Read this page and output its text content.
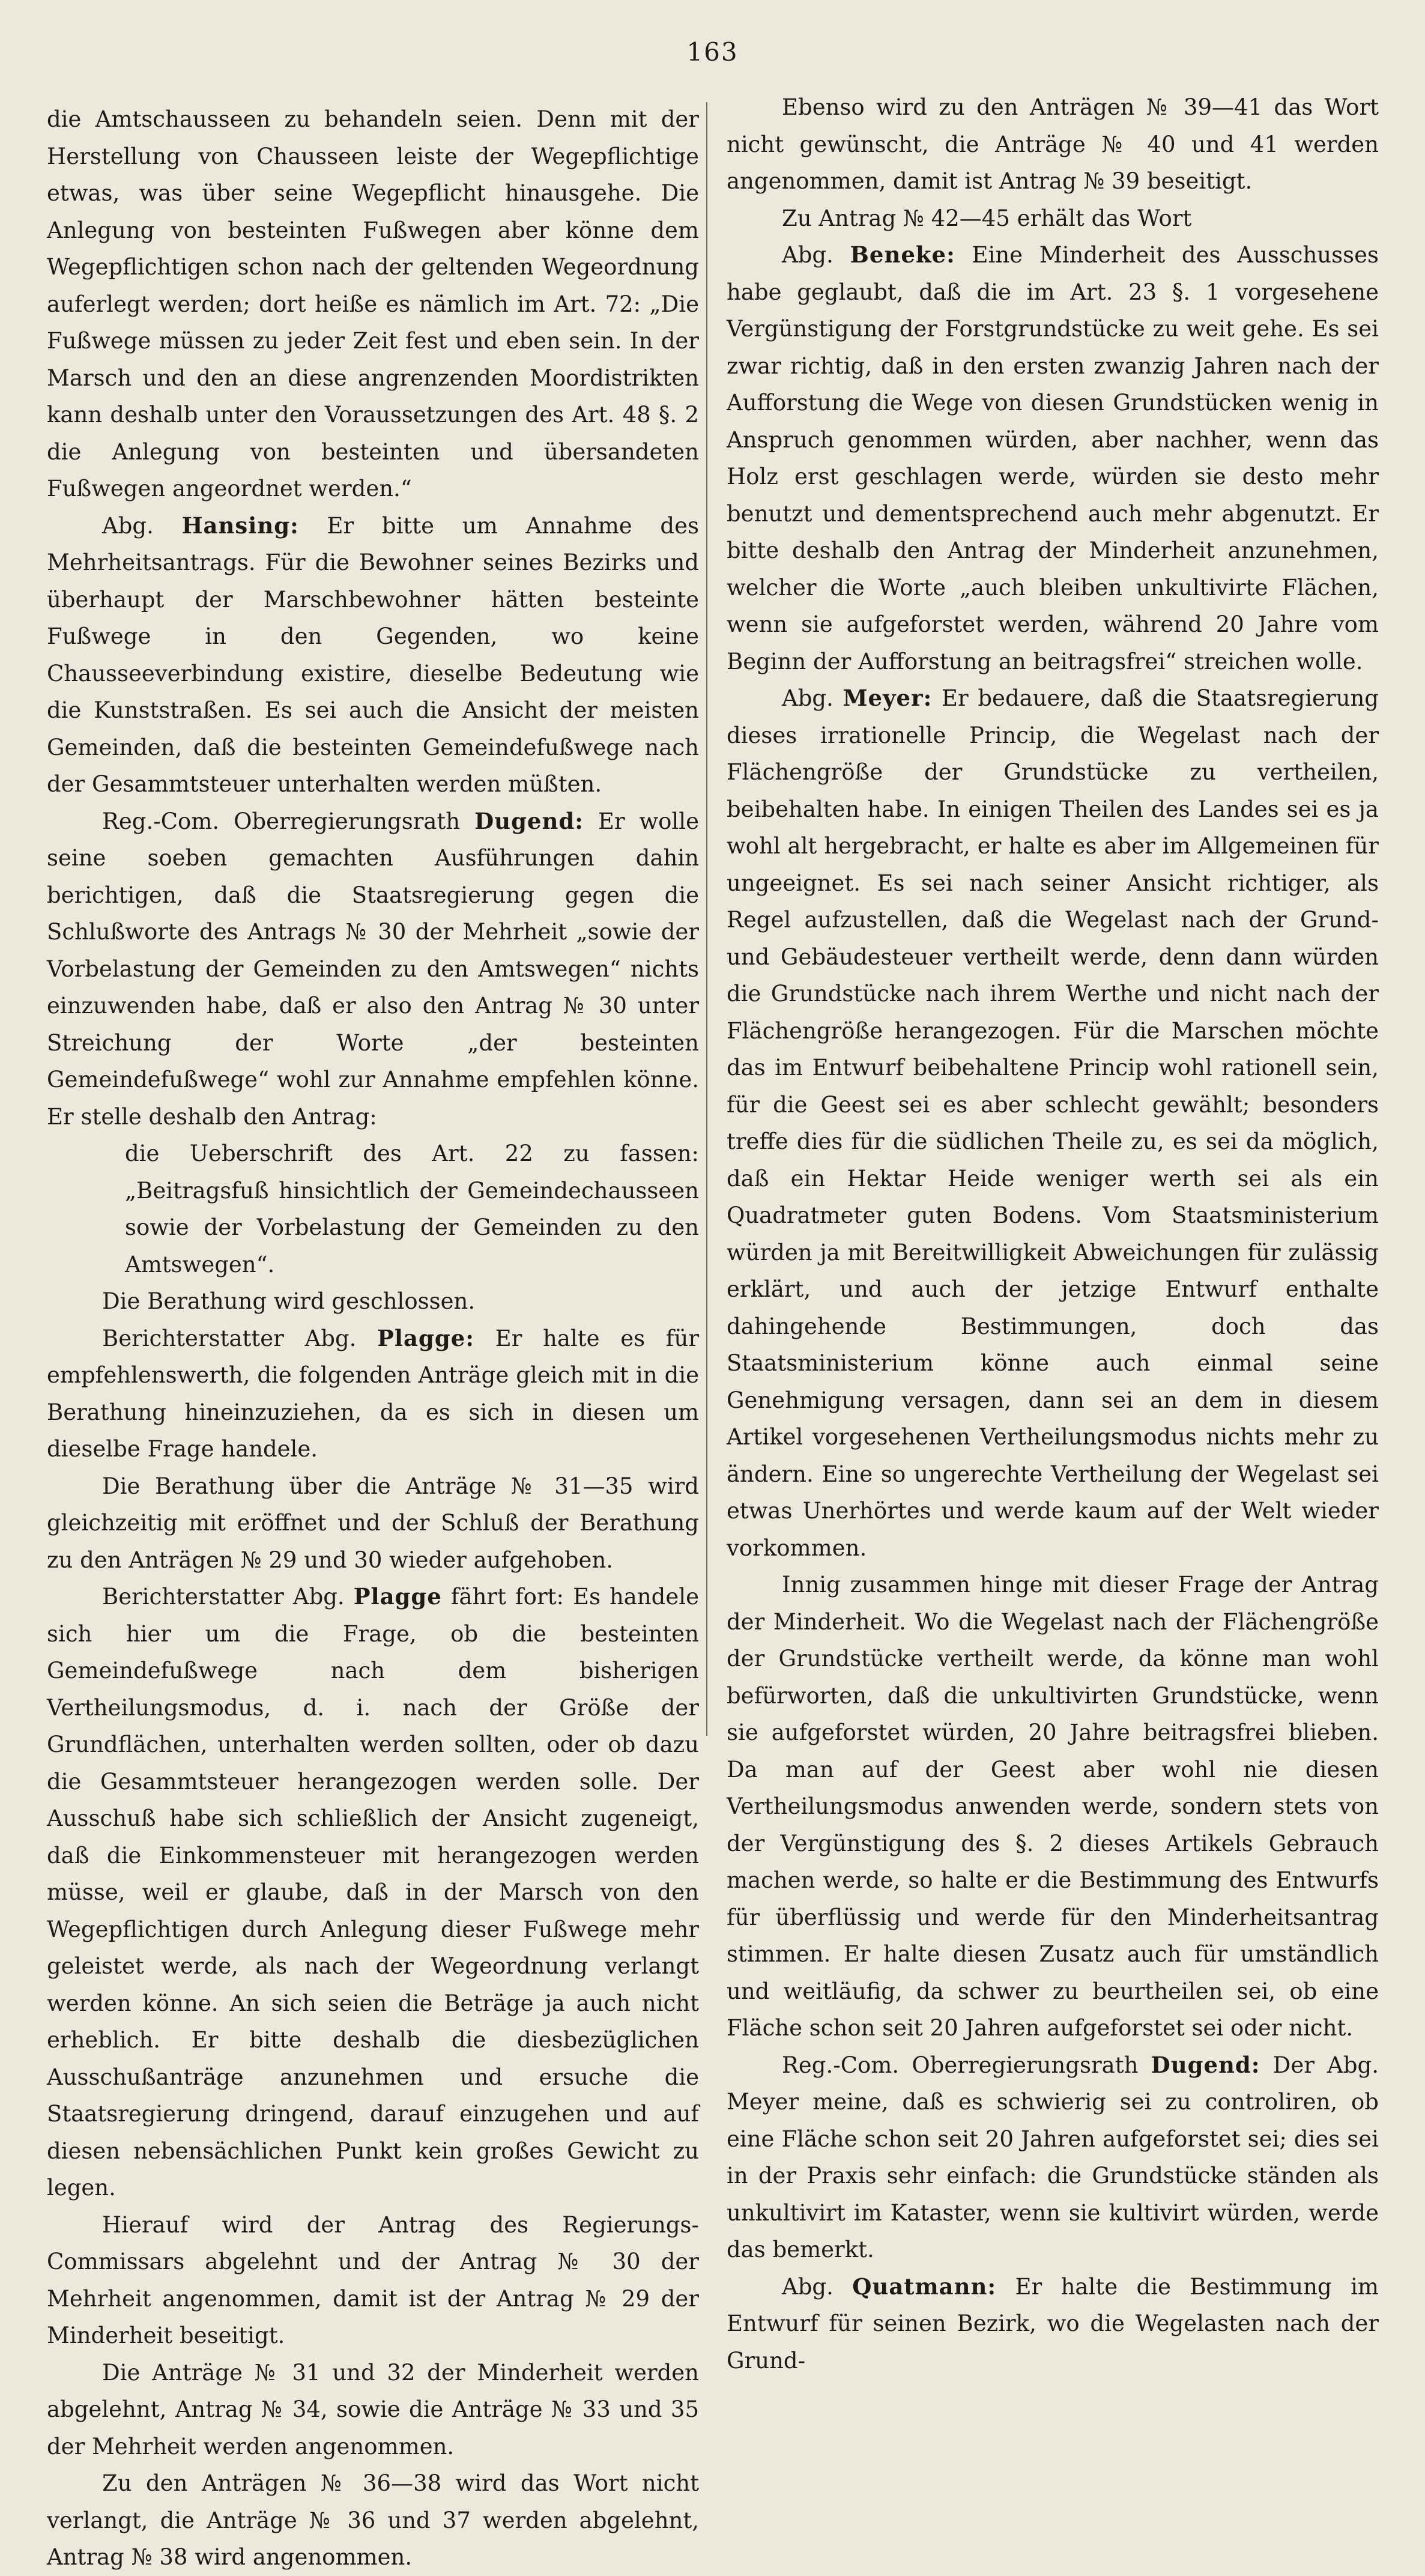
163

die Amtschausseen zu behandeln seien. Denn mit der Herstellung von Chausseen leiste der Wegepflichtige etwas, was über seine Wegepflicht hinausgehe. Die Anlegung von besteinten Fußwegen aber könne dem Wegepflichtigen schon nach der geltenden Wegeordnung auferlegt werden; dort heiße es nämlich im Art. 72: „Die Fußwege müssen zu jeder Zeit fest und eben sein. In der Marsch und den an diese angrenzenden Moordistrikten kann deshalb unter den Voraussetzungen des Art. 48 §. 2 die Anlegung von besteinten und übersandeten Fußwegen angeordnet werden.“

Abg. Hansing: Er bitte um Annahme des Mehrheitsantrags. Für die Bewohner seines Bezirks und überhaupt der Marschbewohner hätten besteinte Fußwege in den Gegenden, wo keine Chausseeverbindung existire, dieselbe Bedeutung wie die Kunststraßen. Es sei auch die Ansicht der meisten Gemeinden, daß die besteinten Gemeindefußwege nach der Gesammtsteuer unterhalten werden müßten.

Reg.-Com. Oberregierungsrath Dugend: Er wolle seine soeben gemachten Ausführungen dahin berichtigen, daß die Staatsregierung gegen die Schlußworte des Antrags № 30 der Mehrheit „sowie der Vorbelastung der Gemeinden zu den Amtswegen“ nichts einzuwenden habe, daß er also den Antrag № 30 unter Streichung der Worte „der besteinten Gemeindefußwege“ wohl zur Annahme empfehlen könne. Er stelle deshalb den Antrag:

die Ueberschrift des Art. 22 zu fassen: „Beitragsfuß hinsichtlich der Gemeindechausseen sowie der Vorbelastung der Gemeinden zu den Amtswegen“.

Die Berathung wird geschlossen.

Berichterstatter Abg. Plagge: Er halte es für empfehlenswerth, die folgenden Anträge gleich mit in die Berathung hineinzuziehen, da es sich in diesen um dieselbe Frage handele.

Die Berathung über die Anträge № 31—35 wird gleichzeitig mit eröffnet und der Schluß der Berathung zu den Anträgen № 29 und 30 wieder aufgehoben.

Berichterstatter Abg. Plagge fährt fort: Es handele sich hier um die Frage, ob die besteinten Gemeindefußwege nach dem bisherigen Vertheilungsmodus, d. i. nach der Größe der Grundflächen, unterhalten werden sollten, oder ob dazu die Gesammtsteuer herangezogen werden solle. Der Ausschuß habe sich schließlich der Ansicht zugeneigt, daß die Einkommensteuer mit herangezogen werden müsse, weil er glaube, daß in der Marsch von den Wegepflichtigen durch Anlegung dieser Fußwege mehr geleistet werde, als nach der Wegeordnung verlangt werden könne. An sich seien die Beträge ja auch nicht erheblich. Er bitte deshalb die diesbezüglichen Ausschußanträge anzunehmen und ersuche die Staatsregierung dringend, darauf einzugehen und auf diesen nebensächlichen Punkt kein großes Gewicht zu legen.

Hierauf wird der Antrag des Regierungs-Commissars abgelehnt und der Antrag № 30 der Mehrheit angenommen, damit ist der Antrag № 29 der Minderheit beseitigt.

Die Anträge № 31 und 32 der Minderheit werden abgelehnt, Antrag № 34, sowie die Anträge № 33 und 35 der Mehrheit werden angenommen.

Zu den Anträgen № 36—38 wird das Wort nicht verlangt, die Anträge № 36 und 37 werden abgelehnt, Antrag № 38 wird angenommen.

Ebenso wird zu den Anträgen № 39—41 das Wort nicht gewünscht, die Anträge № 40 und 41 werden angenommen, damit ist Antrag № 39 beseitigt.

Zu Antrag № 42—45 erhält das Wort

Abg. Beneke: Eine Minderheit des Ausschusses habe geglaubt, daß die im Art. 23 §. 1 vorgesehene Vergünstigung der Forstgrundstücke zu weit gehe. Es sei zwar richtig, daß in den ersten zwanzig Jahren nach der Aufforstung die Wege von diesen Grundstücken wenig in Anspruch genommen würden, aber nachher, wenn das Holz erst geschlagen werde, würden sie desto mehr benutzt und dementsprechend auch mehr abgenutzt. Er bitte deshalb den Antrag der Minderheit anzunehmen, welcher die Worte „auch bleiben unkultivirte Flächen, wenn sie aufgeforstet werden, während 20 Jahre vom Beginn der Aufforstung an beitragsfrei“ streichen wolle.

Abg. Meyer: Er bedauere, daß die Staatsregierung dieses irrationelle Princip, die Wegelast nach der Flächengröße der Grundstücke zu vertheilen, beibehalten habe. In einigen Theilen des Landes sei es ja wohl alt hergebracht, er halte es aber im Allgemeinen für ungeeignet. Es sei nach seiner Ansicht richtiger, als Regel aufzustellen, daß die Wegelast nach der Grund- und Gebäudesteuer vertheilt werde, denn dann würden die Grundstücke nach ihrem Werthe und nicht nach der Flächengröße herangezogen. Für die Marschen möchte das im Entwurf beibehaltene Princip wohl rationell sein, für die Geest sei es aber schlecht gewählt; besonders treffe dies für die südlichen Theile zu, es sei da möglich, daß ein Hektar Heide weniger werth sei als ein Quadratmeter guten Bodens. Vom Staatsministerium würden ja mit Bereitwilligkeit Abweichungen für zulässig erklärt, und auch der jetzige Entwurf enthalte dahingehende Bestimmungen, doch das Staatsministerium könne auch einmal seine Genehmigung versagen, dann sei an dem in diesem Artikel vorgesehenen Vertheilungsmodus nichts mehr zu ändern. Eine so ungerechte Vertheilung der Wegelast sei etwas Unerhörtes und werde kaum auf der Welt wieder vorkommen.

Innig zusammen hinge mit dieser Frage der Antrag der Minderheit. Wo die Wegelast nach der Flächengröße der Grundstücke vertheilt werde, da könne man wohl befürworten, daß die unkultivirten Grundstücke, wenn sie aufgeforstet würden, 20 Jahre beitragsfrei blieben. Da man auf der Geest aber wohl nie diesen Vertheilungsmodus anwenden werde, sondern stets von der Vergünstigung des §. 2 dieses Artikels Gebrauch machen werde, so halte er die Bestimmung des Entwurfs für überflüssig und werde für den Minderheitsantrag stimmen. Er halte diesen Zusatz auch für umständlich und weitläufig, da schwer zu beurtheilen sei, ob eine Fläche schon seit 20 Jahren aufgeforstet sei oder nicht.

Reg.-Com. Oberregierungsrath Dugend: Der Abg. Meyer meine, daß es schwierig sei zu controliren, ob eine Fläche schon seit 20 Jahren aufgeforstet sei; dies sei in der Praxis sehr einfach: die Grundstücke ständen als unkultivirt im Kataster, wenn sie kultivirt würden, werde das bemerkt.

Abg. Quatmann: Er halte die Bestimmung im Entwurf für seinen Bezirk, wo die Wegelasten nach der Grund-
